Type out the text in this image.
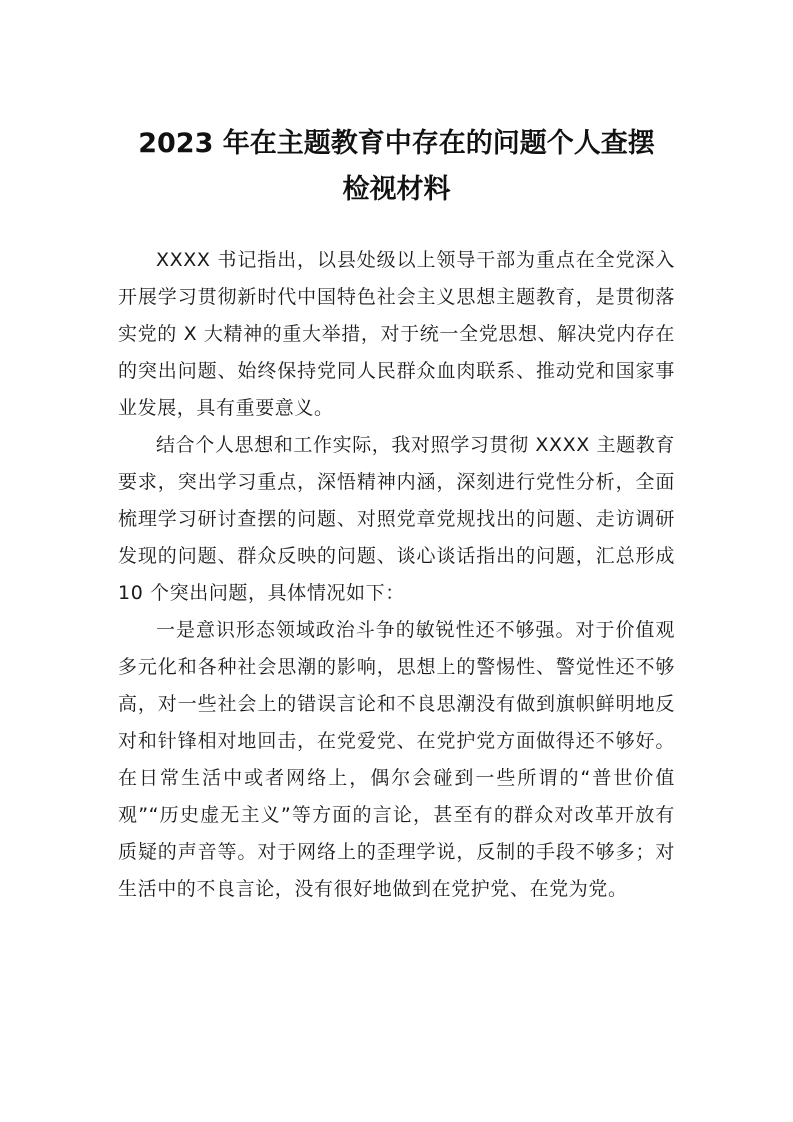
2023 年在主题教育中存在的问题个人查摆
检视材料

XXXX 书记指出，以县处级以上领导干部为重点在全党深入开展学习贯彻新时代中国特色社会主义思想主题教育，是贯彻落实党的 X 大精神的重大举措，对于统一全党思想、解决党内存在的突出问题、始终保持党同人民群众血肉联系、推动党和国家事业发展，具有重要意义。

结合个人思想和工作实际，我对照学习贯彻 XXXX 主题教育要求，突出学习重点，深悟精神内涵，深刻进行党性分析，全面梳理学习研讨查摆的问题、对照党章党规找出的问题、走访调研发现的问题、群众反映的问题、谈心谈话指出的问题，汇总形成 10 个突出问题，具体情况如下：

一是意识形态领域政治斗争的敏锐性还不够强。对于价值观多元化和各种社会思潮的影响，思想上的警惕性、警觉性还不够高，对一些社会上的错误言论和不良思潮没有做到旗帜鲜明地反对和针锋相对地回击，在党爱党、在党护党方面做得还不够好。在日常生活中或者网络上，偶尔会碰到一些所谓的“普世价值观”“历史虚无主义”等方面的言论，甚至有的群众对改革开放有质疑的声音等。对于网络上的歪理学说，反制的手段不够多；对生活中的不良言论，没有很好地做到在党护党、在党为党。
